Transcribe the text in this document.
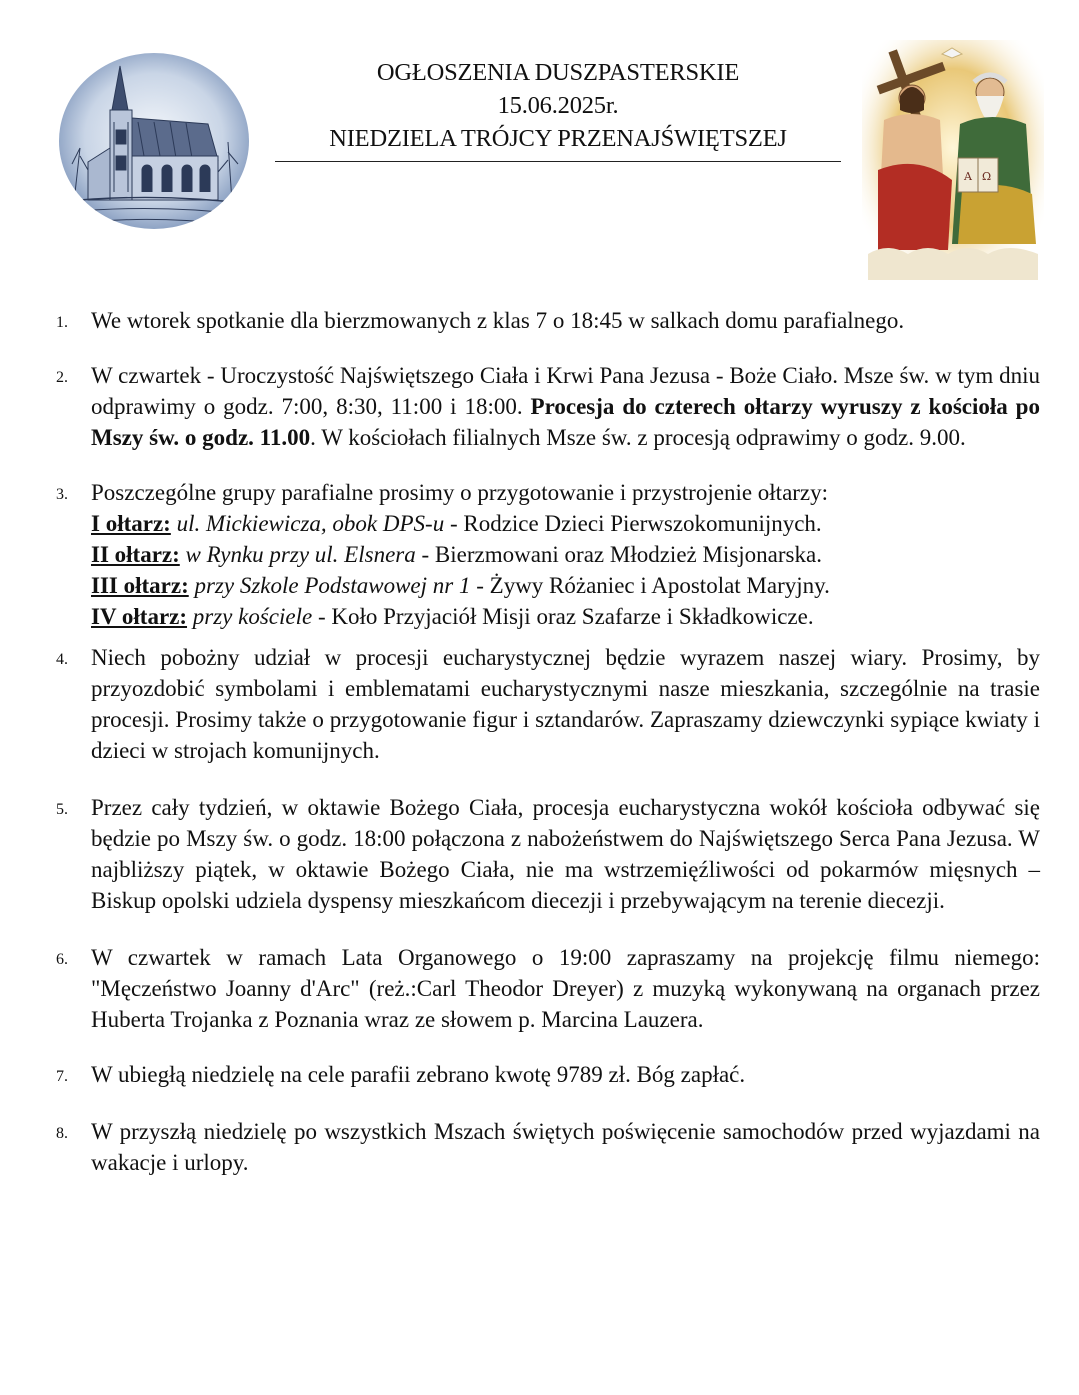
OGŁOSZENIA DUSZPASTERSKIE
15.06.2025r.
NIEDZIELA TRÓJCY PRZENAJŚWIĘTSZEJ
A Ω
1. We wtorek spotkanie dla bierzmowanych z klas 7 o 18:45 w salkach domu parafialnego.
2. W czwartek - Uroczystość Najświętszego Ciała i Krwi Pana Jezusa - Boże Ciało. Msze św. w tym dniu odprawimy o godz. 7:00, 8:30, 11:00 i 18:00. Procesja do czterech ołtarzy wyruszy z kościoła po Mszy św. o godz. 11.00. W kościołach filialnych Msze św. z procesją odprawimy o godz. 9.00.
3. Poszczególne grupy parafialne prosimy o przygotowanie i przystrojenie ołtarzy:
I ołtarz: ul. Mickiewicza, obok DPS-u - Rodzice Dzieci Pierwszokomunijnych.
II ołtarz: w Rynku przy ul. Elsnera - Bierzmowani oraz Młodzież Misjonarska.
III ołtarz: przy Szkole Podstawowej nr 1 - Żywy Różaniec i Apostolat Maryjny.
IV ołtarz: przy kościele - Koło Przyjaciół Misji oraz Szafarze i Składkowicze.
4. Niech pobożny udział w procesji eucharystycznej będzie wyrazem naszej wiary. Prosimy, by przyozdobić symbolami i emblematami eucharystycznymi nasze mieszkania, szczególnie na trasie procesji. Prosimy także o przygotowanie figur i sztandarów. Zapraszamy dziewczynki sypiące kwiaty i dzieci w strojach komunijnych.
5. Przez cały tydzień, w oktawie Bożego Ciała, procesja eucharystyczna wokół kościoła odbywać się będzie po Mszy św. o godz. 18:00 połączona z nabożeństwem do Najświętszego Serca Pana Jezusa. W najbliższy piątek, w oktawie Bożego Ciała, nie ma wstrzemięźliwości od pokarmów mięsnych – Biskup opolski udziela dyspensy mieszkańcom diecezji i przebywającym na terenie diecezji.
6. W czwartek w ramach Lata Organowego o 19:00 zapraszamy na projekcję filmu niemego: "Męczeństwo Joanny d'Arc" (reż.:Carl Theodor Dreyer) z muzyką wykonywaną na organach przez Huberta Trojanka z Poznania wraz ze słowem p. Marcina Lauzera.
7. W ubiegłą niedzielę na cele parafii zebrano kwotę 9789 zł. Bóg zapłać.
8. W przyszłą niedzielę po wszystkich Mszach świętych poświęcenie samochodów przed wyjazdami na wakacje i urlopy.
